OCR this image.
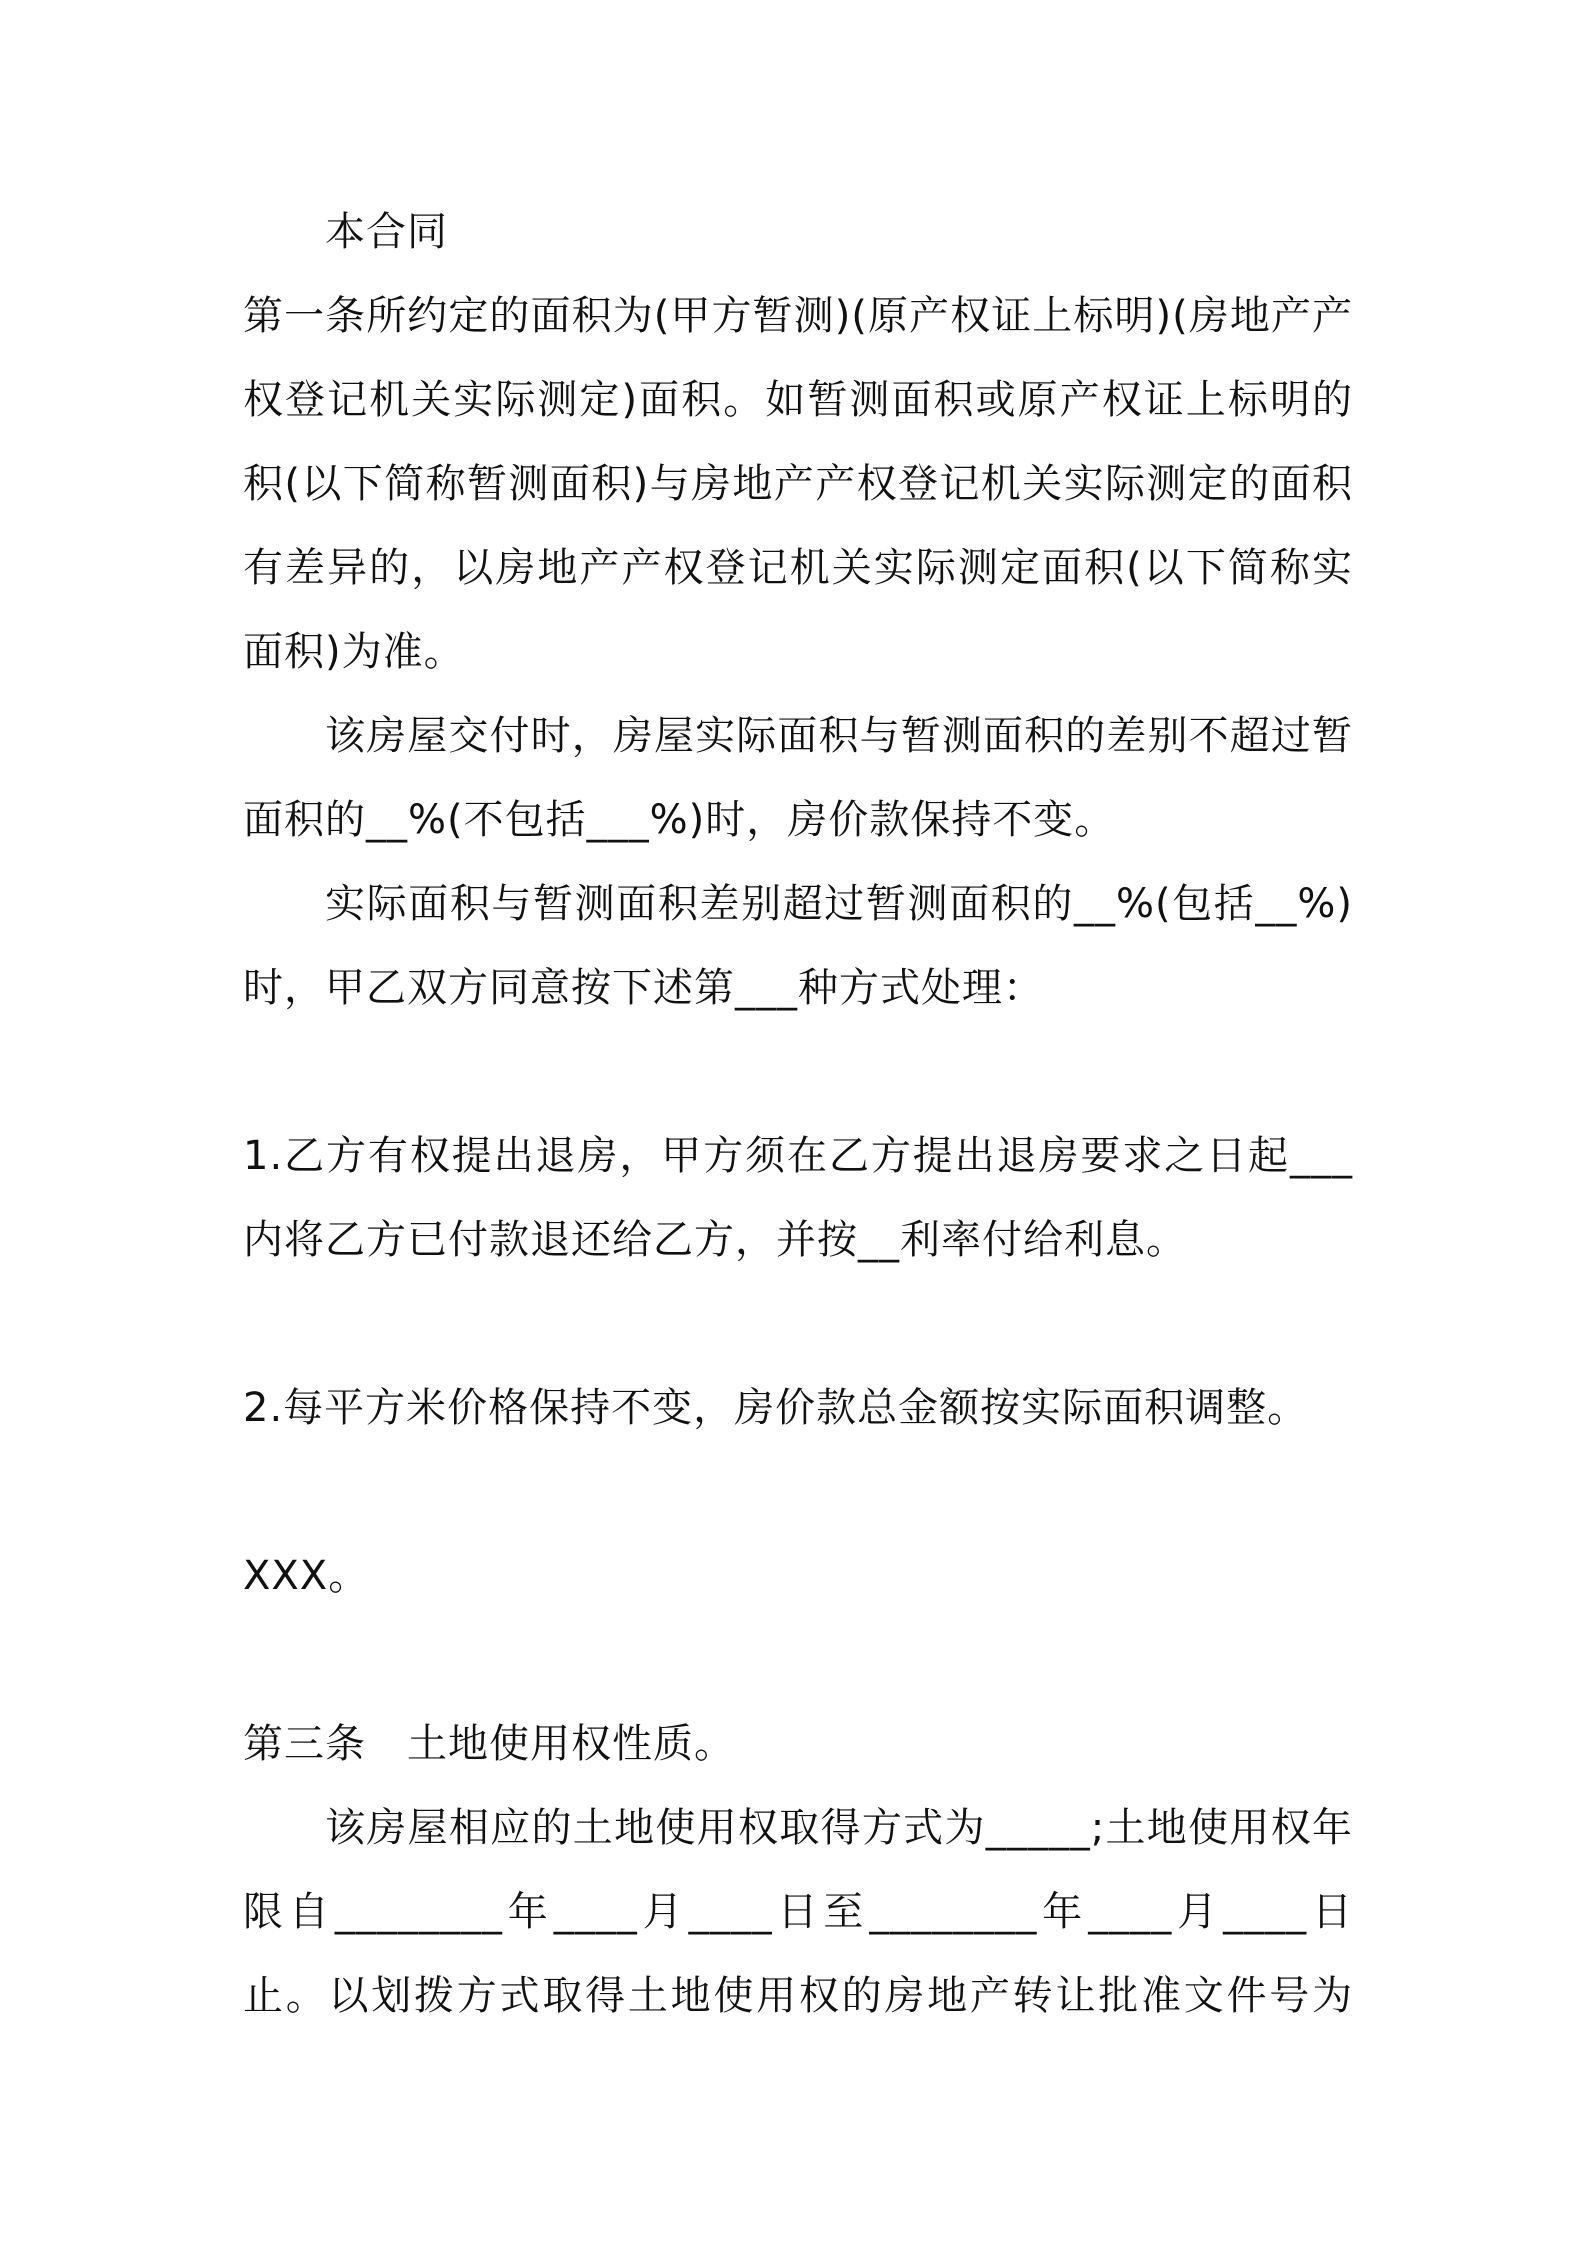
本合同
第一条所约定的面积为(甲方暂测)(原产权证上标明)(房地产产
权登记机关实际测定)面积。如暂测面积或原产权证上标明的
积(以下简称暂测面积)与房地产产权登记机关实际测定的面积
有差异的，以房地产产权登记机关实际测定面积(以下简称实
面积)为准。
该房屋交付时，房屋实际面积与暂测面积的差别不超过暂
面积的__%(不包括___%)时，房价款保持不变。
实际面积与暂测面积差别超过暂测面积的__%(包括__%)
时，甲乙双方同意按下述第___种方式处理：
1.乙方有权提出退房，甲方须在乙方提出退房要求之日起___
内将乙方已付款退还给乙方，并按__利率付给利息。
2.每平方米价格保持不变，房价款总金额按实际面积调整。
XXX。
第三条　土地使用权性质。
该房屋相应的土地使用权取得方式为_____;土地使用权年
限自________年____月____日至________年____月____日
止。以划拨方式取得土地使用权的房地产转让批准文件号为
